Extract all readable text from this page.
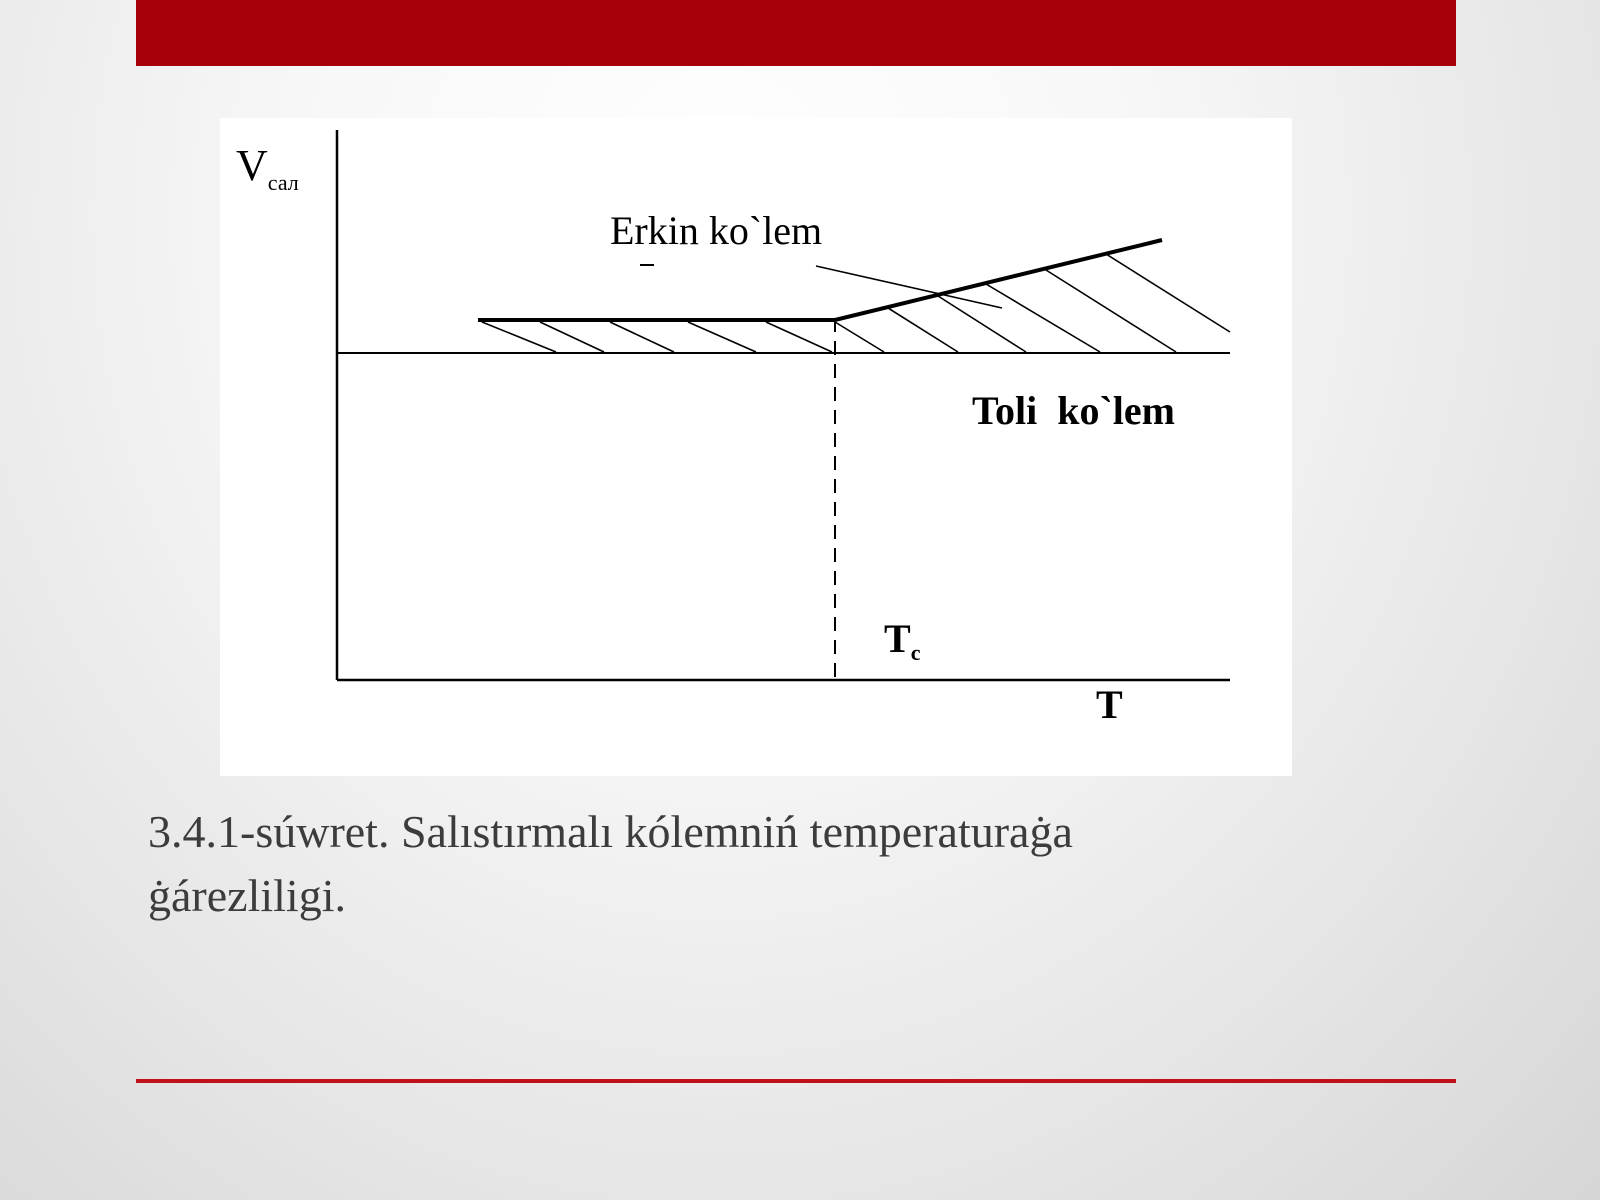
$V_{сал}$
Erkin ko`lem
Toli  ko`lem
$T_c$
T
3.4.1-súwret. Salıstırmalı kólemniń temperaturaġa
ġárezliligi.
